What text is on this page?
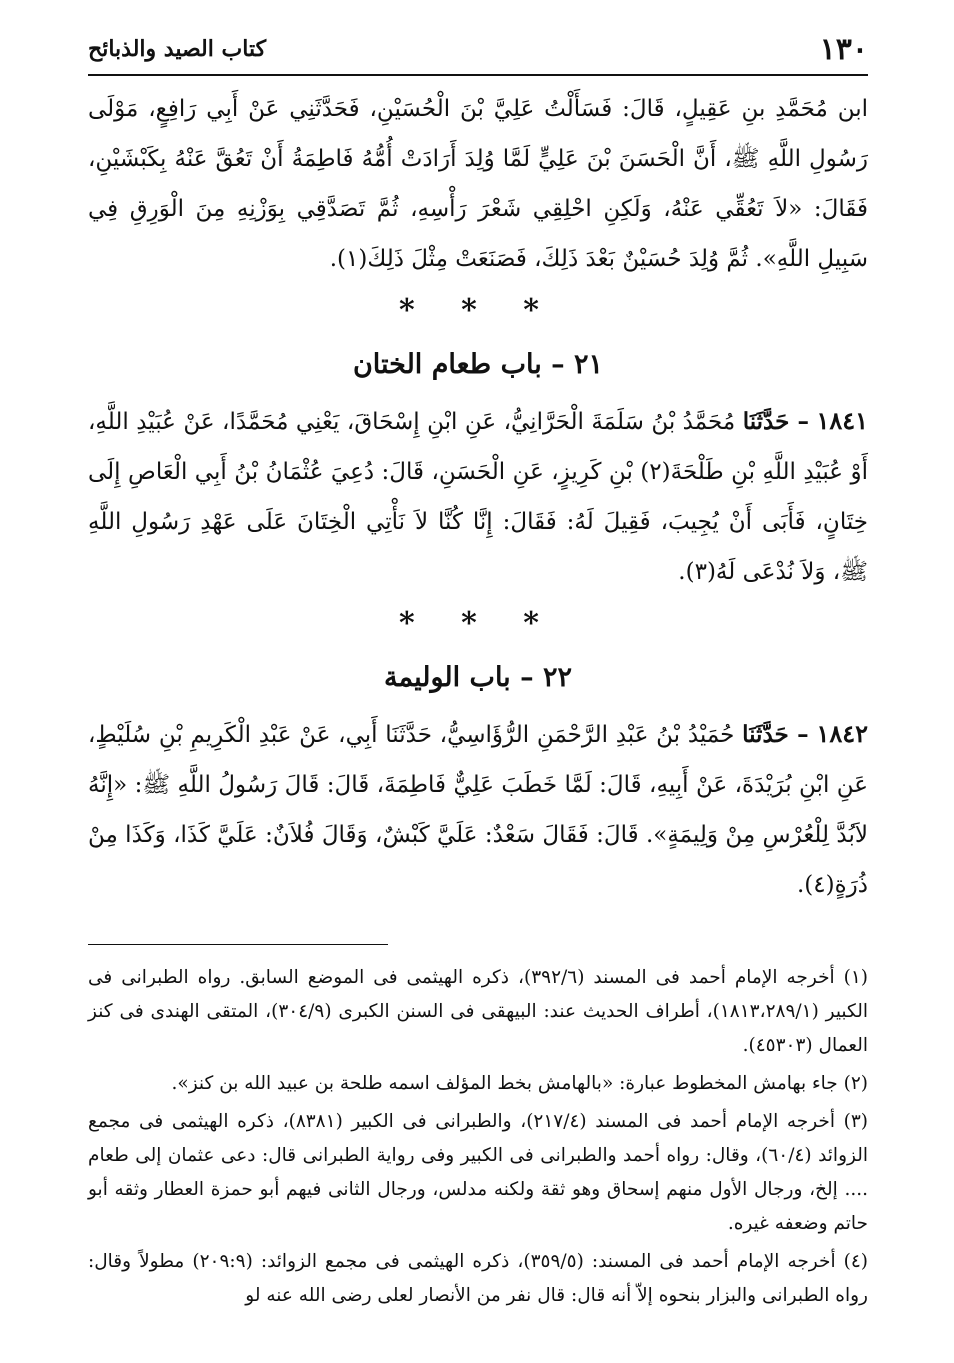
١٣٠
كتاب الصيد والذبائح

ابن مُحَمَّدِ بنِ عَقِيلٍ، قَالَ: فَسَأَلْتُ عَلِيَّ بْنَ الْحُسَيْنِ، فَحَدَّثَنِي عَنْ أَبِي رَافِعٍ، مَوْلَى رَسُولِ اللَّهِ ﷺ، أَنَّ الْحَسَنَ بْنَ عَلِيٍّ لَمَّا وُلِدَ أَرَادَتْ أُمُّهُ فَاطِمَةُ أَنْ تَعُقَّ عَنْهُ بِكَبْشَيْنِ، فَقَالَ: «لاَ تَعُقِّي عَنْهُ، وَلَكِنِ احْلِقِي شَعْرَ رَأْسِهِ، ثُمَّ تَصَدَّقِي بِوَزْنِهِ مِنَ الْوَرِقِ فِي سَبِيلِ اللَّهِ». ثُمَّ وُلِدَ حُسَيْنٌ بَعْدَ ذَلِكَ، فَصَنَعَتْ مِثْلَ ذَلِكَ(١).

* * *
٢١ – باب طعام الختان

١٨٤١ – حَدَّثَنَا مُحَمَّدُ بْنُ سَلَمَةَ الْحَرَّانِيُّ، عَنِ ابْنِ إِسْحَاقَ، يَعْنِي مُحَمَّدًا، عَنْ عُبَيْدِ اللَّهِ، أَوْ عُبَيْدِ اللَّهِ بْنِ طَلْحَةَ(٢) بْنِ كَرِيزٍ، عَنِ الْحَسَنِ، قَالَ: دُعِيَ عُثْمَانُ بْنُ أَبِي الْعَاصِ إِلَى خِتَانٍ، فَأَبَى أَنْ يُجِيبَ، فَقِيلَ لَهُ: فَقَالَ: إِنَّا كُنَّا لاَ نَأْتِي الْخِتَانَ عَلَى عَهْدِ رَسُولِ اللَّهِ ﷺ، وَلاَ نُدْعَى لَهُ(٣).

* * *
٢٢ – باب الوليمة

١٨٤٢ – حَدَّثَنَا حُمَيْدُ بْنُ عَبْدِ الرَّحْمَنِ الرُّؤَاسِيُّ، حَدَّثَنَا أَبِي، عَنْ عَبْدِ الْكَرِيمِ بْنِ سُلَيْطٍ، عَنِ ابْنِ بُرَيْدَةَ، عَنْ أَبِيهِ، قَالَ: لَمَّا خَطَبَ عَلِيٌّ فَاطِمَةَ، قَالَ: قَالَ رَسُولُ اللَّهِ ﷺ: «إِنَّهُ لاَبُدَّ لِلْعُرْسِ مِنْ وَلِيمَةٍ». قَالَ: فَقَالَ سَعْدٌ: عَلَيَّ كَبْشٌ، وَقَالَ فُلاَنٌ: عَلَيَّ كَذَا، وَكَذَا مِنْ ذُرَةٍ(٤).

(١) أخرجه الإمام أحمد فى المسند (٣٩٢/٦)، ذكره الهيثمى فى الموضع السابق. رواه الطبرانى فى الكبير (١٨١٣،٢٨٩/١)، أطراف الحديث عند: البيهقى فى السنن الكبرى (٣٠٤/٩)، المتقى الهندى فى كنز العمال (٤٥٣٠٣).

(٢) جاء بهامش المخطوط عبارة: «بالهامش بخط المؤلف اسمه طلحة بن عبيد الله بن كنز».

(٣) أخرجه الإمام أحمد فى المسند (٢١٧/٤)، والطبرانى فى الكبير (٨٣٨١)، ذكره الهيثمى فى مجمع الزوائد (٦٠/٤)، وقال: رواه أحمد والطبرانى فى الكبير وفى رواية الطبرانى قال: دعى عثمان إلى طعام .... إلخ، ورجال الأول منهم إسحاق وهو ثقة ولكنه مدلس، ورجال الثانى فيهم أبو حمزة العطار وثقه أبو حاتم وضعفه غيره.

(٤) أخرجه الإمام أحمد فى المسند: (٣٥٩/٥)، ذكره الهيثمى فى مجمع الزوائد: (٢٠٩:٩) مطولاً وقال: رواه الطبرانى والبزار بنحوه إلاّ أنه قال: قال نفر من الأنصار لعلى رضى الله عنه لو
